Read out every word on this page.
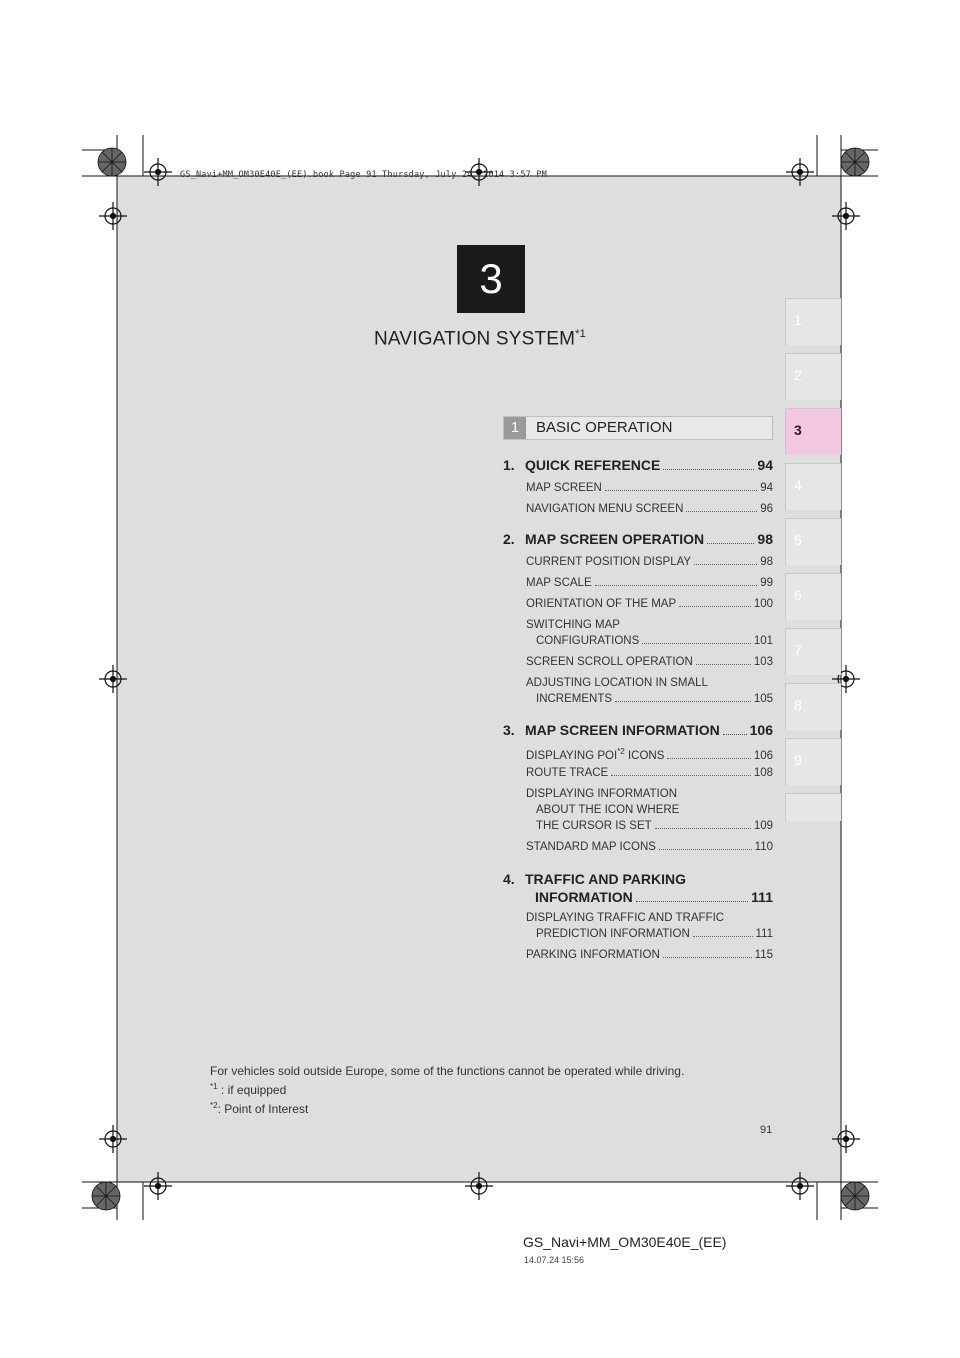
GS_Navi+MM_OM30E40E_(EE).book Page 91 Thursday, July 24, 2014 3:57 PM
3
NAVIGATION SYSTEM$^{*1}$
1
2
3
4
5
6
7
8
9
1	BASIC OPERATION
1. QUICK REFERENCE	94
MAP SCREEN	94
NAVIGATION MENU SCREEN	96
2. MAP SCREEN OPERATION	98
CURRENT POSITION DISPLAY	98
MAP SCALE	99
ORIENTATION OF THE MAP	100
SWITCHING MAP
CONFIGURATIONS	101
SCREEN SCROLL OPERATION	103
ADJUSTING LOCATION IN SMALL
INCREMENTS	105
3. MAP SCREEN INFORMATION 106
DISPLAYING POI$^{*2}$ ICONS	106
ROUTE TRACE	108
DISPLAYING INFORMATION
ABOUT THE ICON WHERE
THE CURSOR IS SET	109
STANDARD MAP ICONS	110
4. TRAFFIC AND PARKING
INFORMATION	111
DISPLAYING TRAFFIC AND TRAFFIC
PREDICTION INFORMATION	111
PARKING INFORMATION	115
For vehicles sold outside Europe, some of the functions cannot be operated while driving.
$^{*1}$ : if equipped
$^{*2}$: Point of Interest
91
GS_Navi+MM_OM30E40E_(EE)
14.07.24 15:56
